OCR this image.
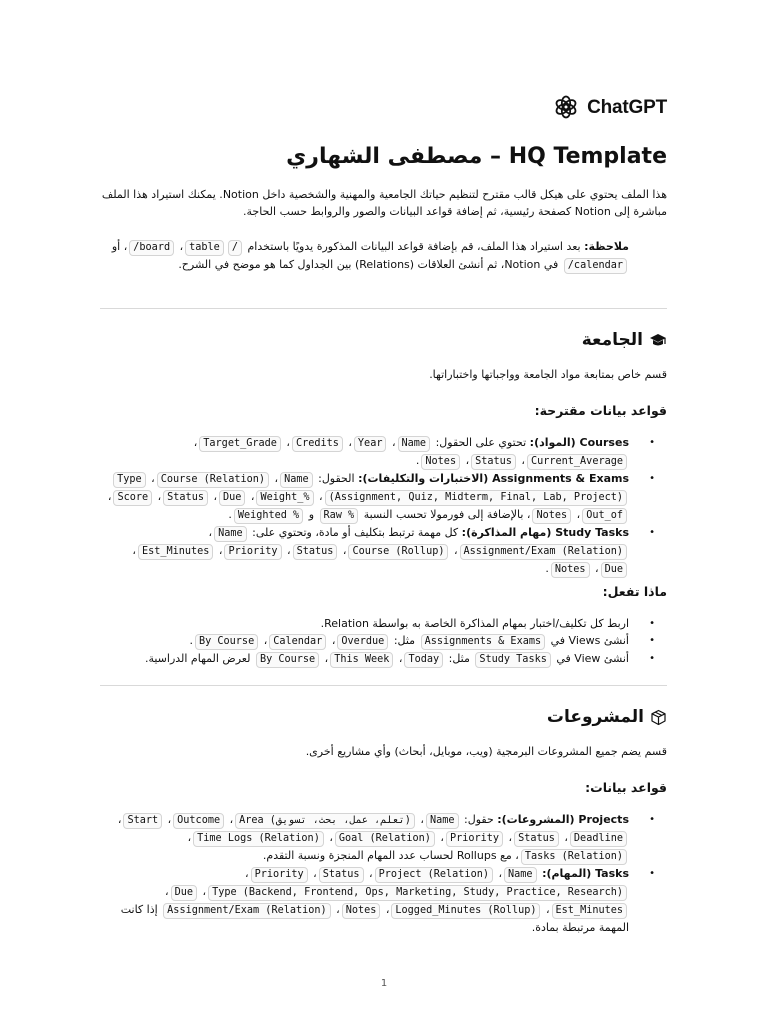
ChatGPT
HQ Template – مصطفى الشهاري

هذا الملف يحتوي على هيكل قالب مقترح لتنظيم حياتك الجامعية والمهنية والشخصية داخل Notion. يمكنك استيراد هذا الملف مباشرة إلى Notion كصفحة رئيسية، ثم إضافة قواعد البيانات والصور والروابط حسب الحاجة.

ملاحظة: بعد استيراد هذا الملف، قم بإضافة قواعد البيانات المذكورة يدويًا باستخدام /table، /board، أو /calendar في Notion، ثم أنشئ العلاقات (Relations) بين الجداول كما هو موضح في الشرح.

الجامعة

قسم خاص بمتابعة مواد الجامعة وواجباتها واختباراتها.

قواعد بيانات مقترحة:
• Courses (المواد): تحتوي على الحقول: Name، Year، Credits، Target_Grade، Current_Average، Status، Notes.
• Assignments & Exams (الاختبارات والتكليفات): الحقول: Name، Course (Relation)، Type (Assignment, Quiz, Midterm, Final, Lab, Project)، Weight_%، Due، Status، Score، Out_of، Notes، بالإضافة إلى فورمولا تحسب النسبة Raw % و Weighted %.
• Study Tasks (مهام المذاكرة): كل مهمة ترتبط بتكليف أو مادة، وتحتوي على: Name، Assignment/Exam (Relation)، Course (Rollup)، Status، Priority، Est_Minutes، Due، Notes.
ماذا تفعل:
• اربط كل تكليف/اختبار بمهام المذاكرة الخاصة به بواسطة Relation.
• أنشئ Views في Assignments & Exams مثل: Overdue، Calendar، By Course.
• أنشئ View في Study Tasks مثل: Today، This Week، By Course لعرض المهام الدراسية.
المشروعات

قسم يضم جميع المشروعات البرمجية (ويب، موبايل، أبحاث) وأي مشاريع أخرى.

قواعد بيانات:
• Projects (المشروعات): حقول: Name، Area (تعلم، عمل، بحث، تسويق)، Outcome، Start، Deadline، Status، Priority، Goal (Relation)، Time Logs (Relation)، Tasks (Relation)، مع Rollups لحساب عدد المهام المنجزة ونسبة التقدم.
• Tasks (المهام): Name، Project (Relation)، Status، Priority، Type (Backend, Frontend, Ops, Marketing, Study, Practice, Research)، Due، Est_Minutes، Logged_Minutes (Rollup)، Notes، Assignment/Exam (Relation) إذا كانت المهمة مرتبطة بمادة.
1
